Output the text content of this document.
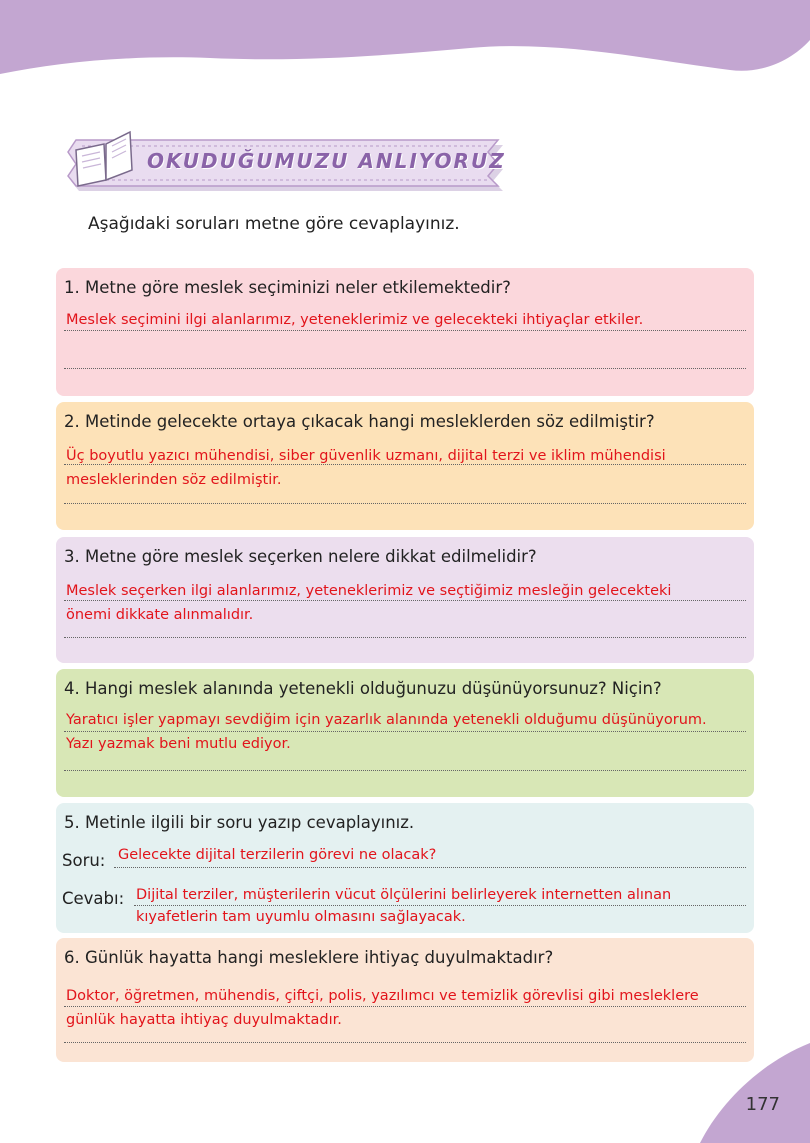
OKUDUĞUMUZU ANLIYORUZ
Aşağıdaki soruları metne göre cevaplayınız.
1. Metne göre meslek seçiminizi neler etkilemektedir?
Meslek seçimini ilgi alanlarımız, yeteneklerimiz ve gelecekteki ihtiyaçlar etkiler.
2. Metinde gelecekte ortaya çıkacak hangi mesleklerden söz edilmiştir?
Üç boyutlu yazıcı mühendisi, siber güvenlik uzmanı, dijital terzi ve iklim mühendisi
mesleklerinden söz edilmiştir.
3. Metne göre meslek seçerken nelere dikkat edilmelidir?
Meslek seçerken ilgi alanlarımız, yeteneklerimiz ve seçtiğimiz mesleğin gelecekteki
önemi dikkate alınmalıdır.
4. Hangi meslek alanında yetenekli olduğunuzu düşünüyorsunuz? Niçin?
Yaratıcı işler yapmayı sevdiğim için yazarlık alanında yetenekli olduğumu düşünüyorum.
Yazı yazmak beni mutlu ediyor.
5. Metinle ilgili bir soru yazıp cevaplayınız.
Soru: Gelecekte dijital terzilerin görevi ne olacak?
Cevabı: Dijital terziler, müşterilerin vücut ölçülerini belirleyerek internetten alınan
kıyafetlerin tam uyumlu olmasını sağlayacak.
6. Günlük hayatta hangi mesleklere ihtiyaç duyulmaktadır?
Doktor, öğretmen, mühendis, çiftçi, polis, yazılımcı ve temizlik görevlisi gibi mesleklere
günlük hayatta ihtiyaç duyulmaktadır.
177
